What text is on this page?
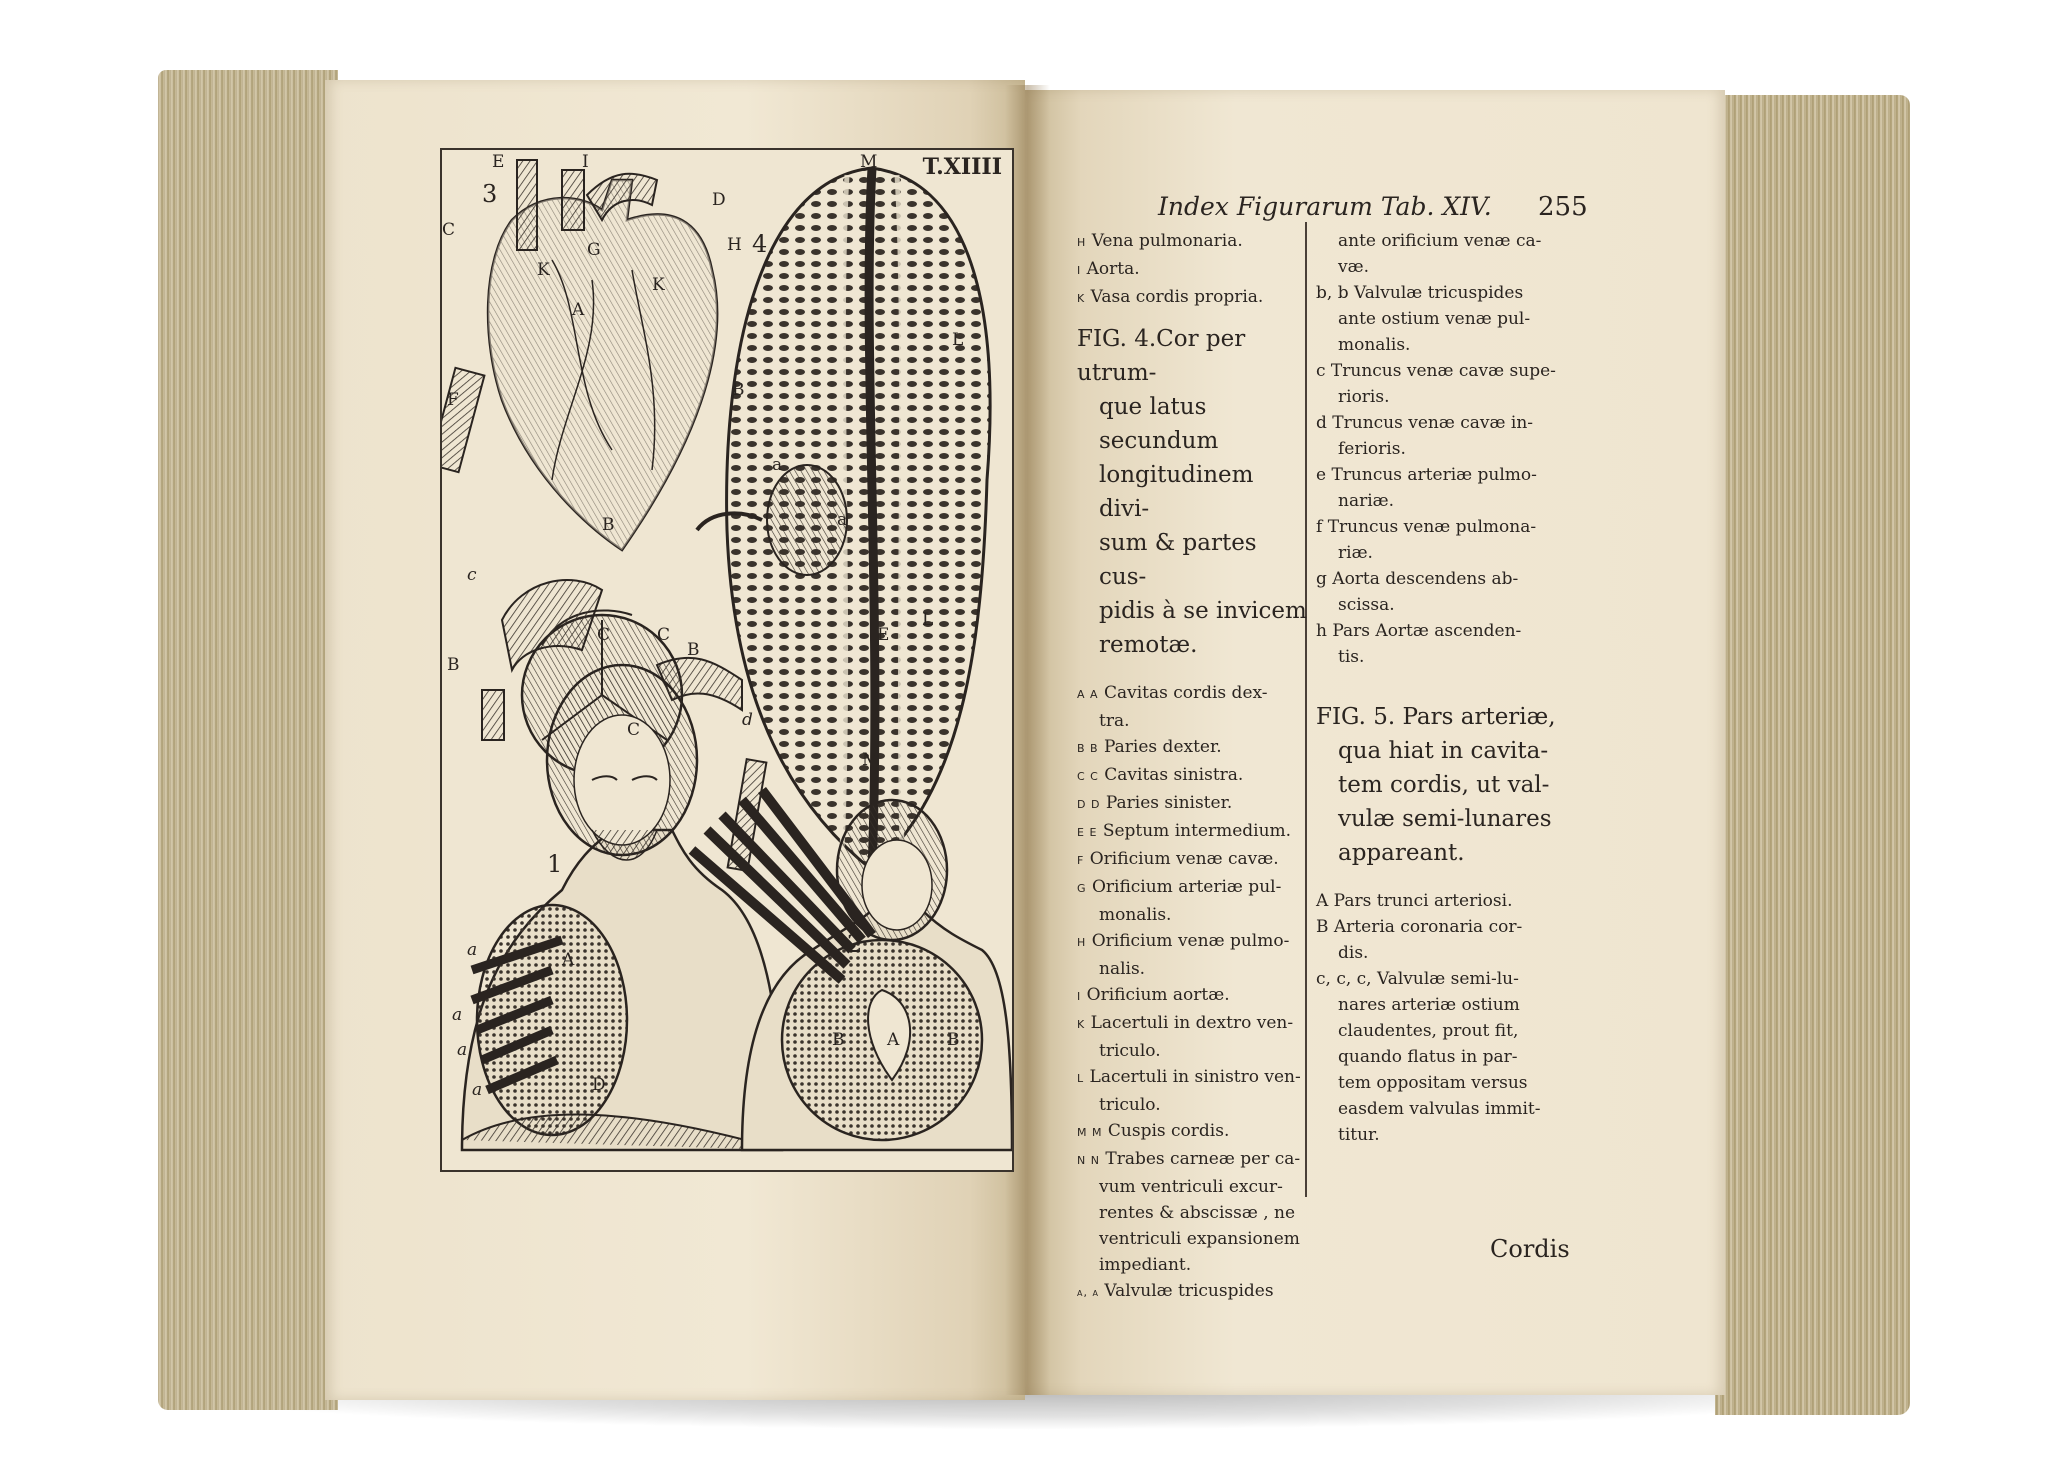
T.XIIII
3
4
1
2
E	I
D
G
A
K
K
B
F
C
H
L
M
B
c
C	C
C
B
B
E
L
a
d
M
a
A
B	A	B
D
a
a
a
a
Index Figurarum Tab. XIV. 255

H Vena pulmonaria.

I Aorta.

K Vasa cordis propria.

FIG. 4.Cor per utrum-
que latus secundum
longitudinem divi-
sum & partes cus-
pidis à se invicem
remotæ.

A A Cavitas cordis dex-

tra.

B B Paries dexter.

C C Cavitas sinistra.

D D Paries sinister.

E E Septum intermedium.

F Orificium venæ cavæ.

G Orificium arteriæ pul-

monalis.

H Orificium venæ pulmo-

nalis.

I Orificium aortæ.

K Lacertuli in dextro ven-

triculo.

L Lacertuli in sinistro ven-

triculo.

M M Cuspis cordis.

N N Trabes carneæ per ca-

vum ventriculi excur-

rentes & abscissæ , ne

ventriculi expansionem

impediant.

a, a Valvulæ tricuspides

ante orificium venæ ca-

væ.

b, b Valvulæ tricuspides

ante ostium venæ pul-

monalis.

c Truncus venæ cavæ supe-

rioris.

d Truncus venæ cavæ in-

ferioris.

e Truncus arteriæ pulmo-

nariæ.

f Truncus venæ pulmona-

riæ.

g Aorta descendens ab-

scissa.

h Pars Aortæ ascenden-

tis.

FIG. 5. Pars arteriæ,
qua hiat in cavita-
tem cordis, ut val-
vulæ semi-lunares
appareant.

A Pars trunci arteriosi.

B Arteria coronaria cor-

dis.

c, c, c, Valvulæ semi-lu-

nares arteriæ ostium

claudentes, prout fit,

quando flatus in par-

tem oppositam versus

easdem valvulas immit-

titur.

Cordis
